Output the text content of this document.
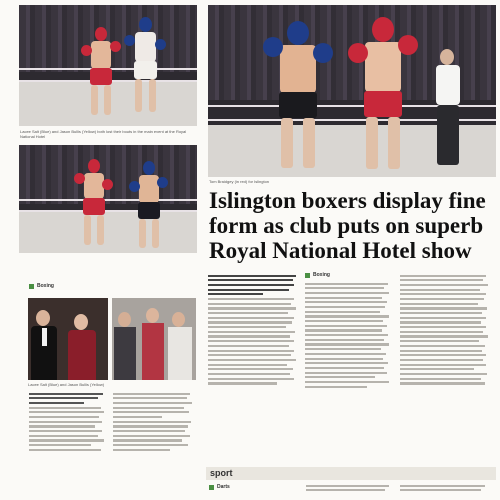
Lacee Salt (Blue) and Jason Bullis (Yellow) both lost their bouts in the main event at the Royal National Hotel
Tom Braidgey (in red) for Islington
Islington boxers display fine
form as club puts on superb
Royal National Hotel show
Boxing
Lacee Salt (Blue) and Jason Bullis (Yellow)
Boxing
sport
Darts
